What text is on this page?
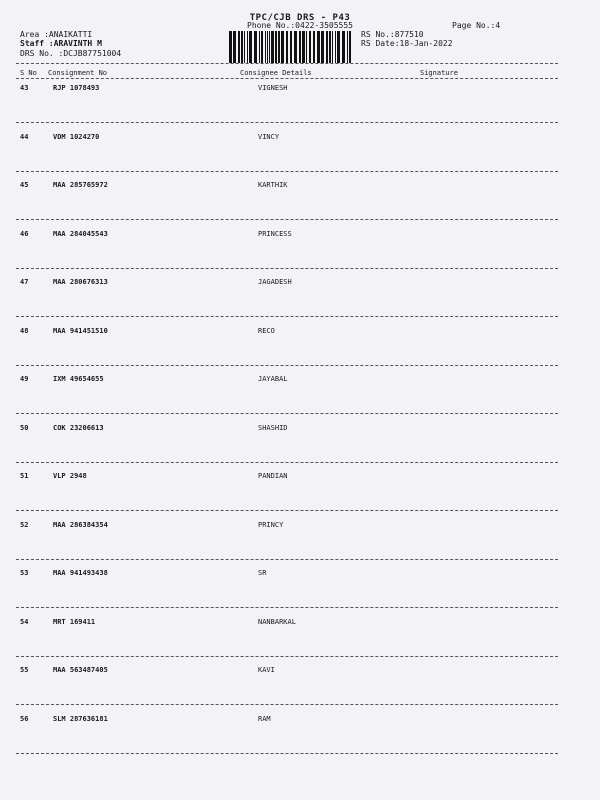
TPC/CJB DRS - P43
Phone No.:0422-3505555	Page No.:4
Area :ANAIKATTI
Staff :ARAVINTH M
DRS No. :DCJB87751004
RS No.:877510
RS Date:18-Jan-2022
S No Consignment No	Consignee Details	Signature
43	RJP 1078493	VIGNESH
44	VDM 1024270	VINCY
45	MAA 285765972	KARTHIK
46	MAA 284045543	PRINCESS
47	MAA 280676313	JAGADESH
48	MAA 941451510	RECO
49	IXM 49654655	JAYABAL
50	COK 23206613	SHASHID
51	VLP 2948	PANDIAN
52	MAA 286384354	PRINCY
53	MAA 941493438	SR
54	MRT 169411	NANBARKAL
55	MAA 563487405	KAVI
56	SLM 287636181	RAM
